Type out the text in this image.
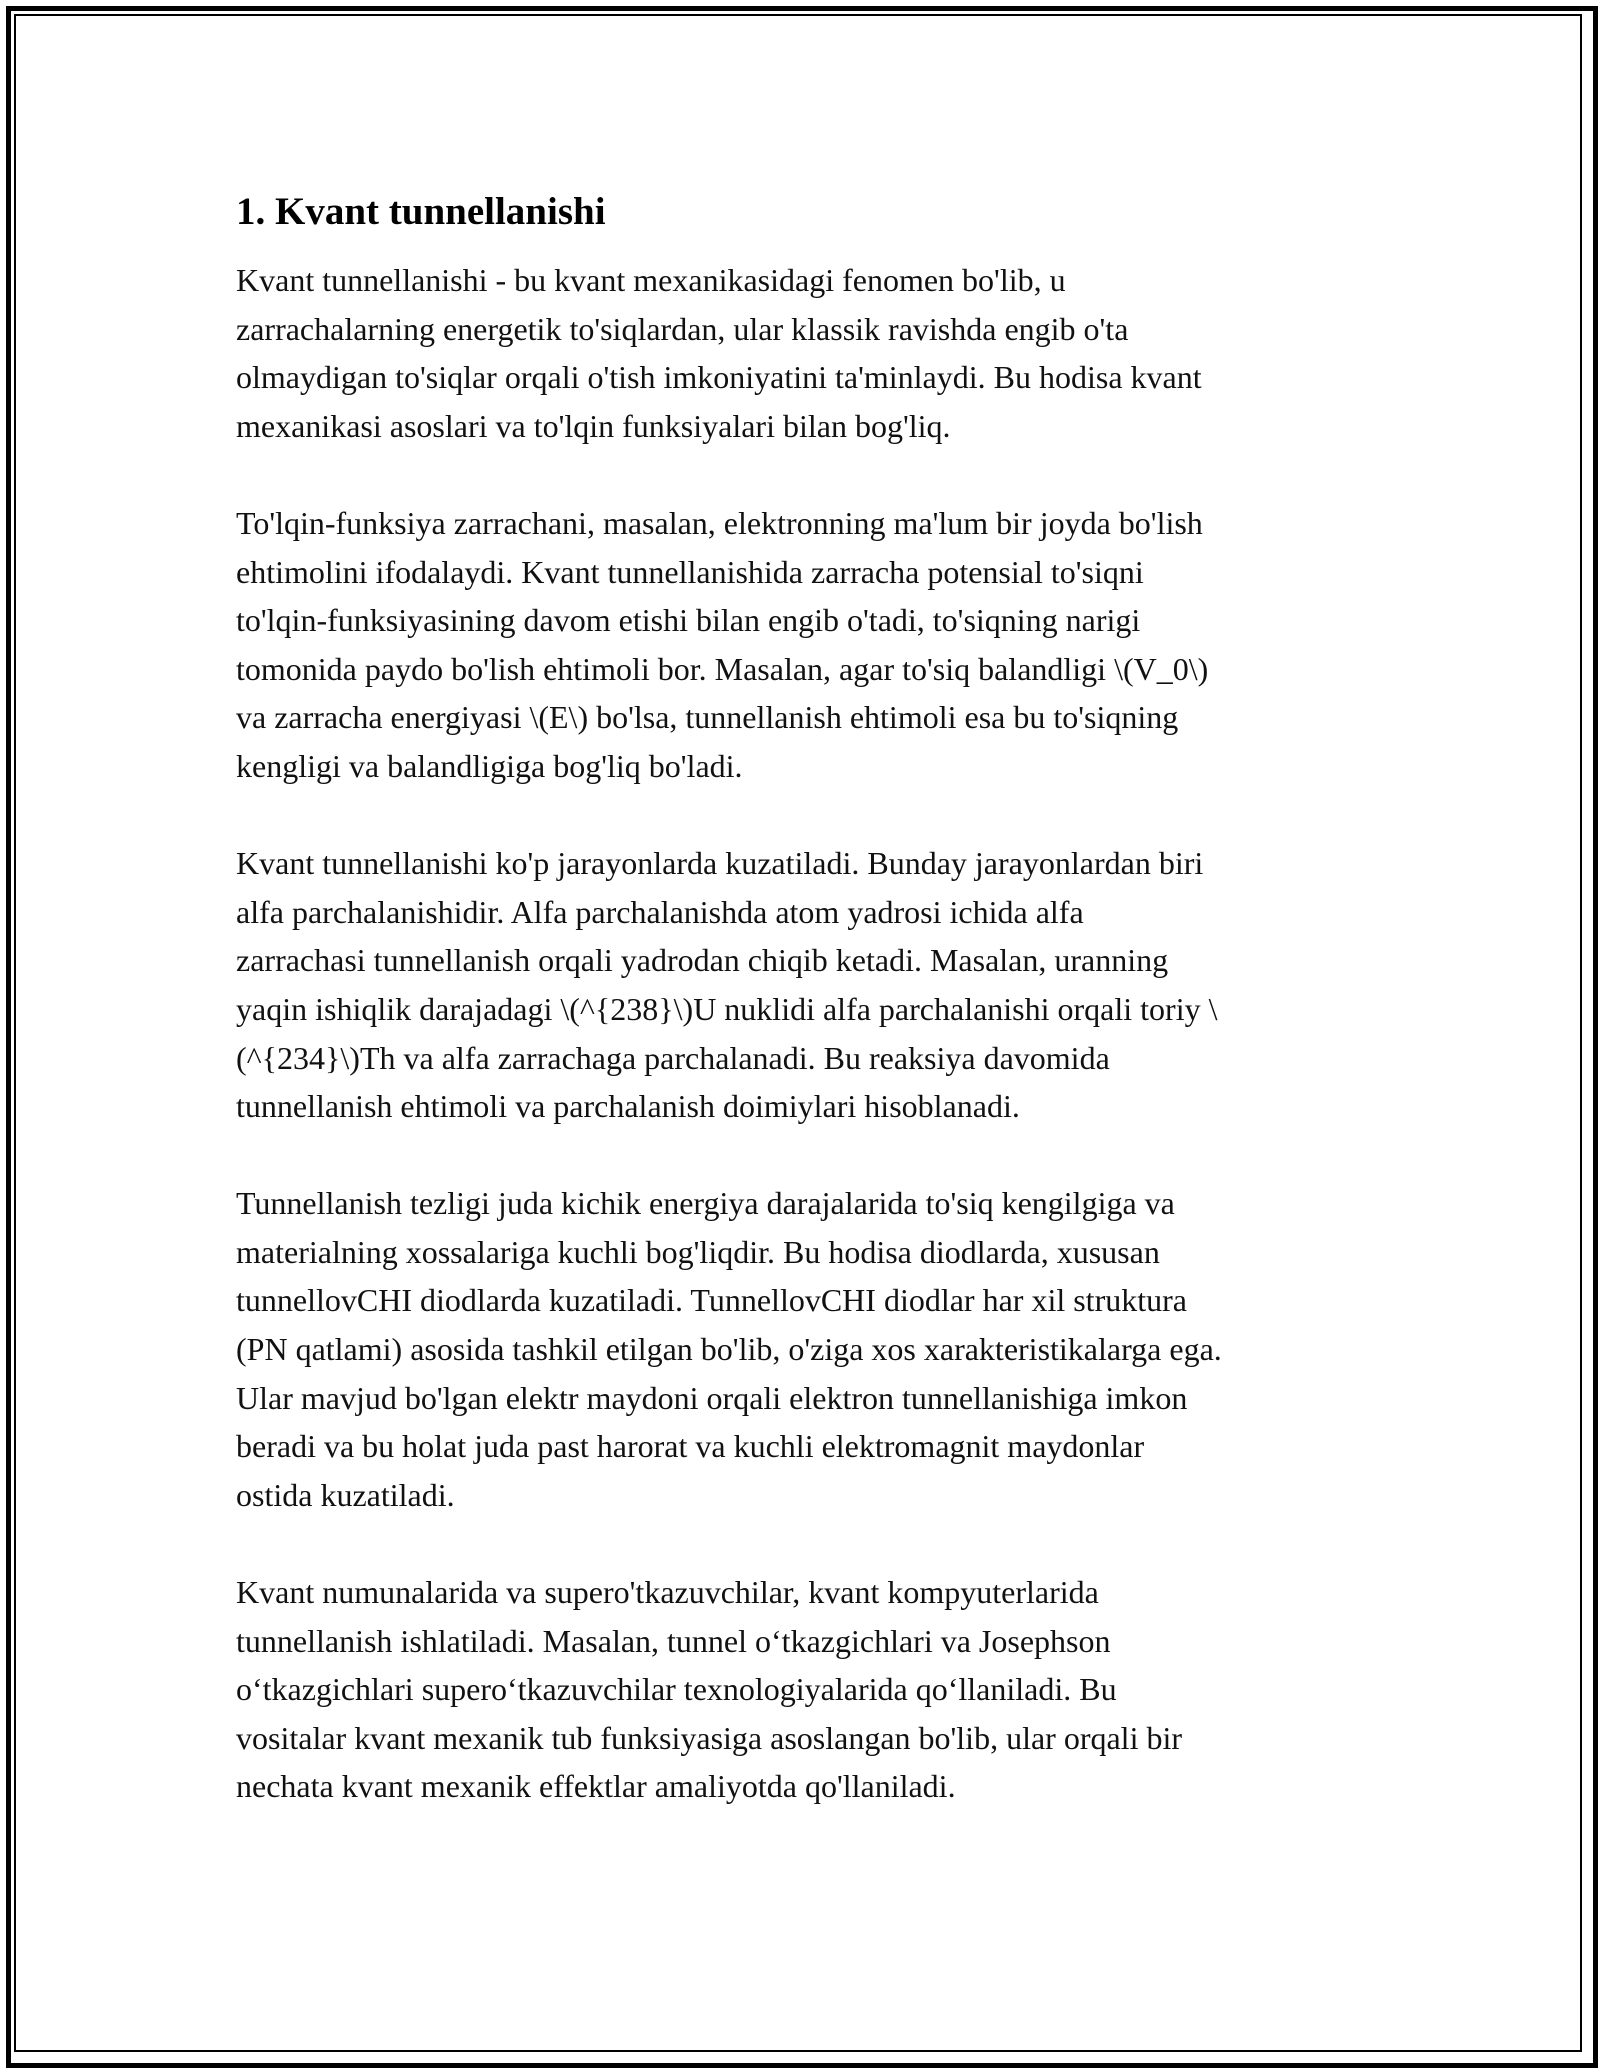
1. Kvant tunnellanishi

Kvant tunnellanishi - bu kvant mexanikasidagi fenomen bo'lib, u
zarrachalarning energetik to'siqlardan, ular klassik ravishda engib o'ta
olmaydigan to'siqlar orqali o'tish imkoniyatini ta'minlaydi. Bu hodisa kvant
mexanikasi asoslari va to'lqin funksiyalari bilan bog'liq.

To'lqin-funksiya zarrachani, masalan, elektronning ma'lum bir joyda bo'lish
ehtimolini ifodalaydi. Kvant tunnellanishida zarracha potensial to'siqni
to'lqin-funksiyasining davom etishi bilan engib o'tadi, to'siqning narigi
tomonida paydo bo'lish ehtimoli bor. Masalan, agar to'siq balandligi \(V_0\)
va zarracha energiyasi \(E\) bo'lsa, tunnellanish ehtimoli esa bu to'siqning
kengligi va balandligiga bog'liq bo'ladi.

Kvant tunnellanishi ko'p jarayonlarda kuzatiladi. Bunday jarayonlardan biri
alfa parchalanishidir. Alfa parchalanishda atom yadrosi ichida alfa
zarrachasi tunnellanish orqali yadrodan chiqib ketadi. Masalan, uranning
yaqin ishiqlik darajadagi \(^{238}\)U nuklidi alfa parchalanishi orqali toriy \
(^{234}\)Th va alfa zarrachaga parchalanadi. Bu reaksiya davomida
tunnellanish ehtimoli va parchalanish doimiylari hisoblanadi.

Tunnellanish tezligi juda kichik energiya darajalarida to'siq kengilgiga va
materialning xossalariga kuchli bog'liqdir. Bu hodisa diodlarda, xususan
tunnellovCHI diodlarda kuzatiladi. TunnellovCHI diodlar har xil struktura
(PN qatlami) asosida tashkil etilgan bo'lib, o'ziga xos xarakteristikalarga ega.
Ular mavjud bo'lgan elektr maydoni orqali elektron tunnellanishiga imkon
beradi va bu holat juda past harorat va kuchli elektromagnit maydonlar
ostida kuzatiladi.

Kvant numunalarida va supero'tkazuvchilar, kvant kompyuterlarida
tunnellanish ishlatiladi. Masalan, tunnel o‘tkazgichlari va Josephson
o‘tkazgichlari supero‘tkazuvchilar texnologiyalarida qo‘llaniladi. Bu
vositalar kvant mexanik tub funksiyasiga asoslangan bo'lib, ular orqali bir
nechata kvant mexanik effektlar amaliyotda qo'llaniladi.
